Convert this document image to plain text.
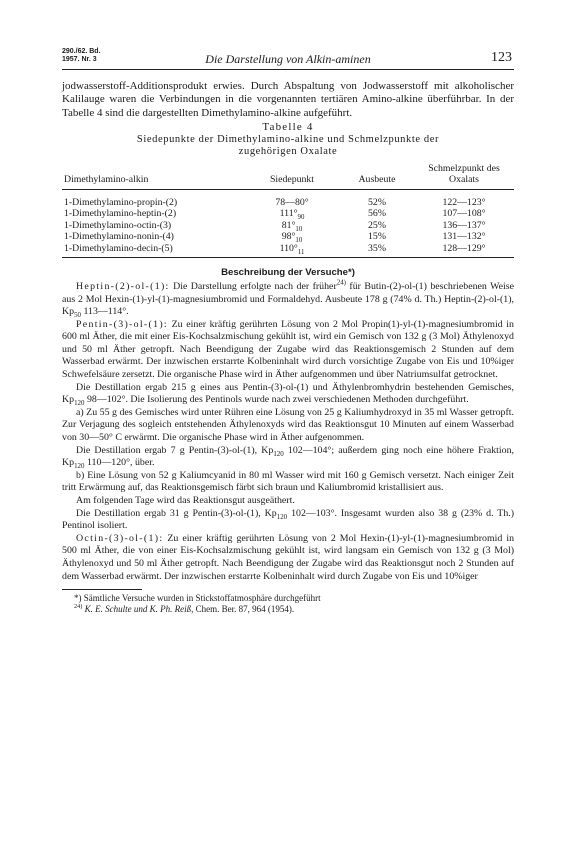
290./62. Bd.
1957. Nr. 3	Die Darstellung von Alkin-aminen	123

jodwasserstoff-Additionsprodukt erwies. Durch Abspaltung von Jodwasserstoff mit alkoholischer Kalilauge waren die Verbindungen in die vorgenannten tertiären Amino-alkine überführbar. In der Tabelle 4 sind die dargestellten Dimethylamino-alkine aufgeführt.

Tabelle 4
Siedepunkte der Dimethylamino-alkine und Schmelzpunkte der
zugehörigen Oxalate
Dimethylamino-alkin	Siedepunkt	Ausbeute	Schmelzpunkt des Oxalats
1-Dimethylamino-propin-(2)	78—80°	52%	122—123°
1-Dimethylamino-heptin-(2)	$111^\circ_{90}$	56%	107—108°
1-Dimethylamino-octin-(3)	$81^\circ_{10}$	25%	136—137°
1-Dimethylamino-nonin-(4)	$98^\circ_{10}$	15%	131—132°
1-Dimethylamino-decin-(5)	$110^\circ_{11}$	35%	128—129°
Beschreibung der Versuche*)

Heptin-(2)-ol-(1): Die Darstellung erfolgte nach der früher$^{24)}$ für Butin-(2)-ol-(1) beschriebenen Weise aus 2 Mol Hexin-(1)-yl-(1)-magnesiumbromid und Formaldehyd. Ausbeute 178 g (74% d. Th.) Heptin-(2)-ol-(1), $Kp_{50}$ 113—114°.

Pentin-(3)-ol-(1): Zu einer kräftig gerührten Lösung von 2 Mol Propin(1)-yl-(1)-magnesiumbromid in 600 ml Äther, die mit einer Eis-Kochsalzmischung gekühlt ist, wird ein Gemisch von 132 g (3 Mol) Äthylenoxyd und 50 ml Äther getropft. Nach Beendigung der Zugabe wird das Reaktionsgemisch 2 Stunden auf dem Wasserbad erwärmt. Der inzwischen erstarrte Kolbeninhalt wird durch vorsichtige Zugabe von Eis und 10%iger Schwefelsäure zersetzt. Die organische Phase wird in Äther aufgenommen und über Natriumsulfat getrocknet.

Die Destillation ergab 215 g eines aus Pentin-(3)-ol-(1) und Äthylenbromhydrin bestehenden Gemisches, $Kp_{120}$ 98—102°. Die Isolierung des Pentinols wurde nach zwei verschiedenen Methoden durchgeführt.

a) Zu 55 g des Gemisches wird unter Rühren eine Lösung von 25 g Kaliumhydroxyd in 35 ml Wasser getropft. Zur Verjagung des sogleich entstehenden Äthylenoxyds wird das Reaktionsgut 10 Minuten auf einem Wasserbad von 30—50° C erwärmt. Die organische Phase wird in Äther aufgenommen.

Die Destillation ergab 7 g Pentin-(3)-ol-(1), $Kp_{120}$ 102—104°; außerdem ging noch eine höhere Fraktion, $Kp_{120}$ 110—120°, über.

b) Eine Lösung von 52 g Kaliumcyanid in 80 ml Wasser wird mit 160 g Gemisch versetzt. Nach einiger Zeit tritt Erwärmung auf, das Reaktionsgemisch färbt sich braun und Kaliumbromid kristallisiert aus.

Am folgenden Tage wird das Reaktionsgut ausgeäthert.

Die Destillation ergab 31 g Pentin-(3)-ol-(1), $Kp_{120}$ 102—103°. Insgesamt wurden also 38 g (23% d. Th.) Pentinol isoliert.

Octin-(3)-ol-(1): Zu einer kräftig gerührten Lösung von 2 Mol Hexin-(1)-yl-(1)-magnesiumbromid in 500 ml Äther, die von einer Eis-Kochsalzmischung gekühlt ist, wird langsam ein Gemisch von 132 g (3 Mol) Äthylenoxyd und 50 ml Äther getropft. Nach Beendigung der Zugabe wird das Reaktionsgut noch 2 Stunden auf dem Wasserbad erwärmt. Der inzwischen erstarrte Kolbeninhalt wird durch Zugabe von Eis und 10%iger

*) Sämtliche Versuche wurden in Stickstoffatmosphäre durchgeführt

$^{24)}$ K. E. Schulte und K. Ph. Reiß, Chem. Ber. 87, 964 (1954).
